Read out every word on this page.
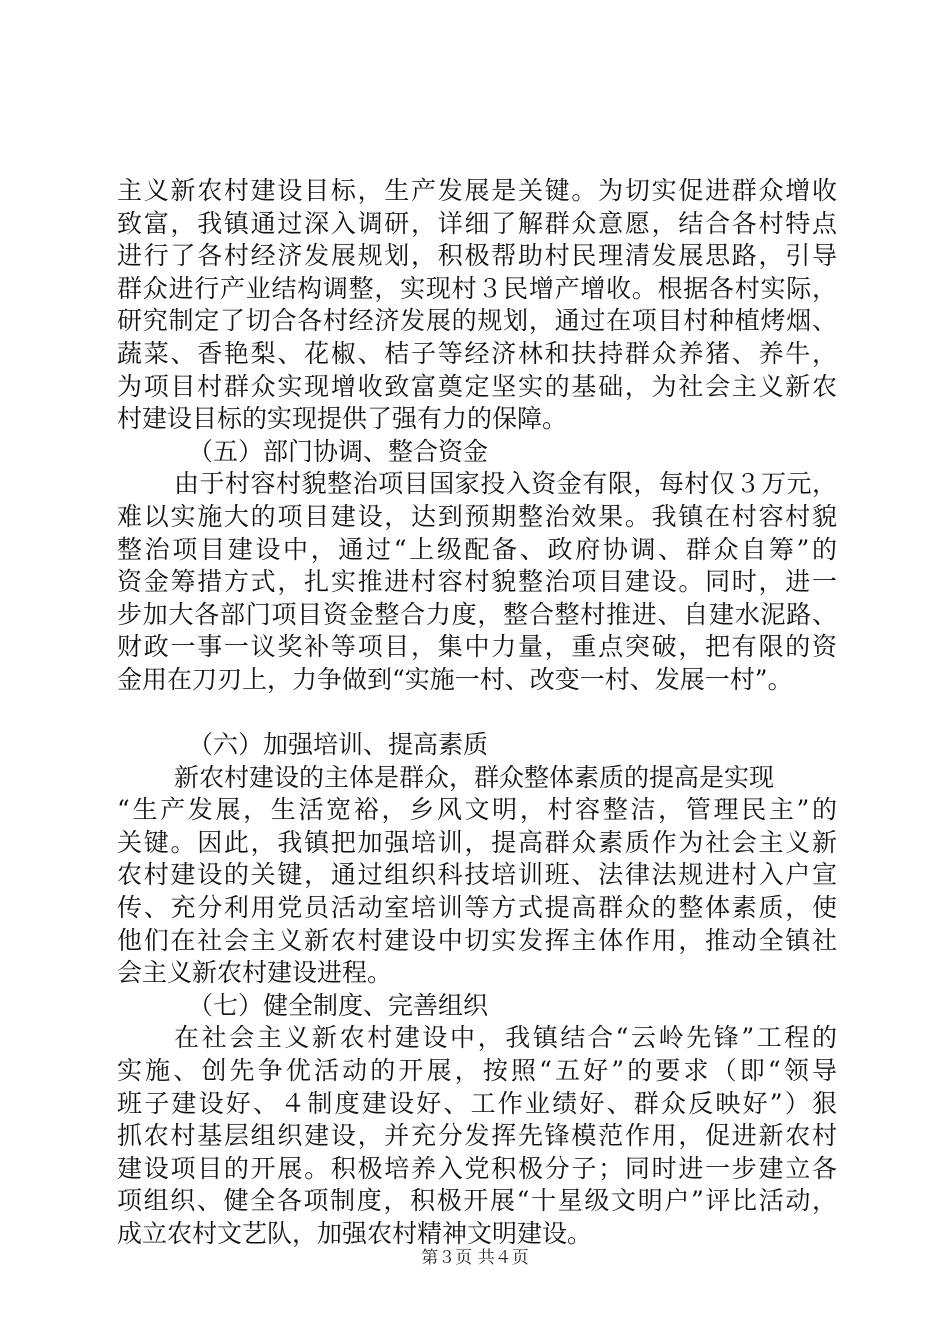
主义新农村建设目标，生产发展是关键。为切实促进群众增收
致富，我镇通过深入调研，详细了解群众意愿，结合各村特点
进行了各村经济发展规划，积极帮助村民理清发展思路，引导
群众进行产业结构调整，实现村３民增产增收。根据各村实际，
研究制定了切合各村经济发展的规划，通过在项目村种植烤烟、
蔬菜、香艳梨、花椒、桔子等经济林和扶持群众养猪、养牛，
为项目村群众实现增收致富奠定坚实的基础，为社会主义新农
村建设目标的实现提供了强有力的保障。
（五）部门协调、整合资金
由于村容村貌整治项目国家投入资金有限，每村仅３万元，
难以实施大的项目建设，达到预期整治效果。我镇在村容村貌
整治项目建设中，通过“上级配备、政府协调、群众自筹”的
资金筹措方式，扎实推进村容村貌整治项目建设。同时，进一
步加大各部门项目资金整合力度，整合整村推进、自建水泥路、
财政一事一议奖补等项目，集中力量，重点突破，把有限的资
金用在刀刃上，力争做到“实施一村、改变一村、发展一村”。
（六）加强培训、提高素质
新农村建设的主体是群众，群众整体素质的提高是实现
“生产发展，生活宽裕，乡风文明，村容整洁，管理民主”的
关键。因此，我镇把加强培训，提高群众素质作为社会主义新
农村建设的关键，通过组织科技培训班、法律法规进村入户宣
传、充分利用党员活动室培训等方式提高群众的整体素质，使
他们在社会主义新农村建设中切实发挥主体作用，推动全镇社
会主义新农村建设进程。
（七）健全制度、完善组织
在社会主义新农村建设中，我镇结合“云岭先锋”工程的
实施、创先争优活动的开展，按照“五好”的要求（即“领导
班子建设好、４制度建设好、工作业绩好、群众反映好”）狠
抓农村基层组织建设，并充分发挥先锋模范作用，促进新农村
建设项目的开展。积极培养入党积极分子；同时进一步建立各
项组织、健全各项制度，积极开展“十星级文明户”评比活动，
成立农村文艺队，加强农村精神文明建设。
第３页 共４页
